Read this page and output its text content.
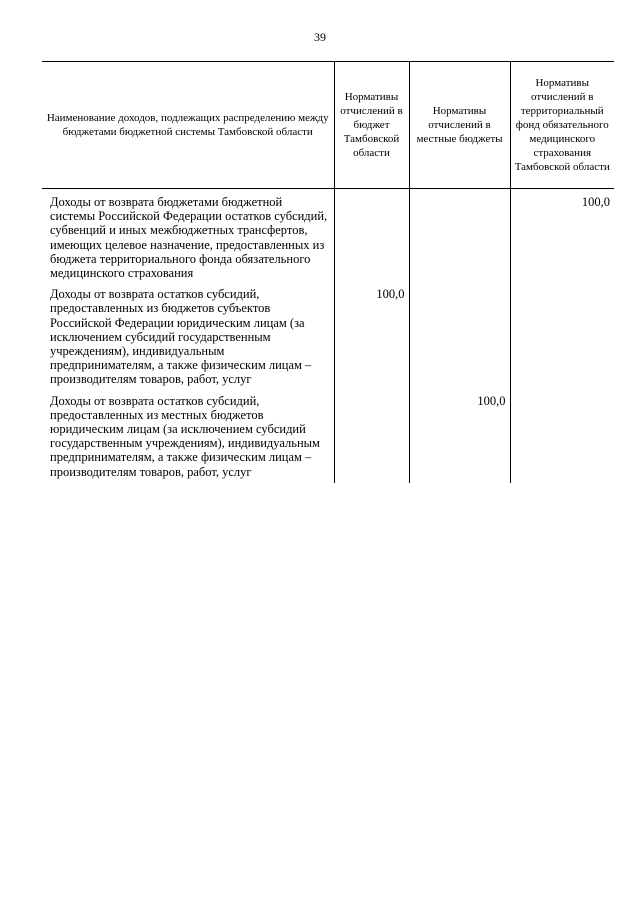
39
Наименование доходов, подлежащих распределению между бюджетами бюджетной системы Тамбовской области	Нормативы отчислений в бюджет Тамбовской области	Нормативы отчислений в местные бюджеты	Нормативы отчислений в территориальный фонд обязательного медицинского страхования Тамбовской области
Доходы от возврата бюджетами бюджетной системы Российской Федерации остатков субсидий, субвенций и иных межбюджетных трансфертов, имеющих целевое назначение, предоставленных из бюджета территориального фонда обязательного медицинского страхования			100,0
Доходы от возврата остатков субсидий, предоставленных из бюджетов субъектов Российской Федерации юридическим лицам (за исключением субсидий государственным учреждениям), индивидуальным предпринимателям, а также физическим лицам – производителям товаров, работ, услуг	100,0		
Доходы от возврата остатков субсидий, предоставленных из местных бюджетов юридическим лицам (за исключением субсидий государственным учреждениям), индивидуальным предпринимателям, а также физическим лицам – производителям товаров, работ, услуг		100,0	
